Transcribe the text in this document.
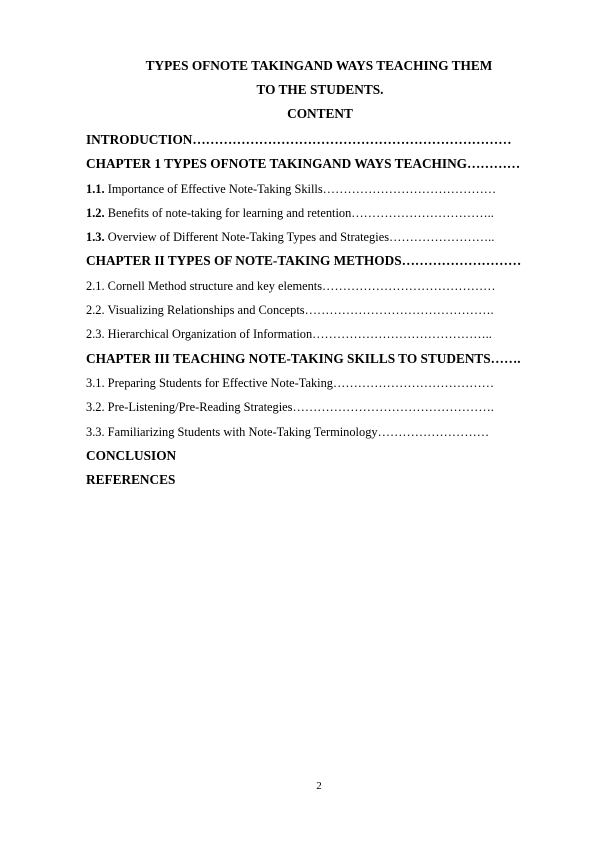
TYPES OFNOTE TAKINGAND WAYS TEACHING THEM
TO THE STUDENTS.
CONTENT
INTRODUCTION………………………………………………………………
CHAPTER 1 TYPES OFNOTE TAKINGAND WAYS TEACHING…………
1.1. Importance of Effective Note-Taking Skills……………………………………
1.2. Benefits of note-taking for learning and retention……………………………..
1.3. Overview of Different Note-Taking Types and Strategies……………………..
CHAPTER II TYPES OF NOTE-TAKING METHODS………………………
2.1. Cornell Method structure and key elements……………………………………
2.2. Visualizing Relationships and Concepts……………………………………….
2.3. Hierarchical Organization of Information……………………………………..
CHAPTER III TEACHING NOTE-TAKING SKILLS TO STUDENTS…….
3.1. Preparing Students for Effective Note-Taking…………………………………
3.2. Pre-Listening/Pre-Reading Strategies………………………………………….
3.3. Familiarizing Students with Note-Taking Terminology………………………
CONCLUSION
REFERENCES
2
